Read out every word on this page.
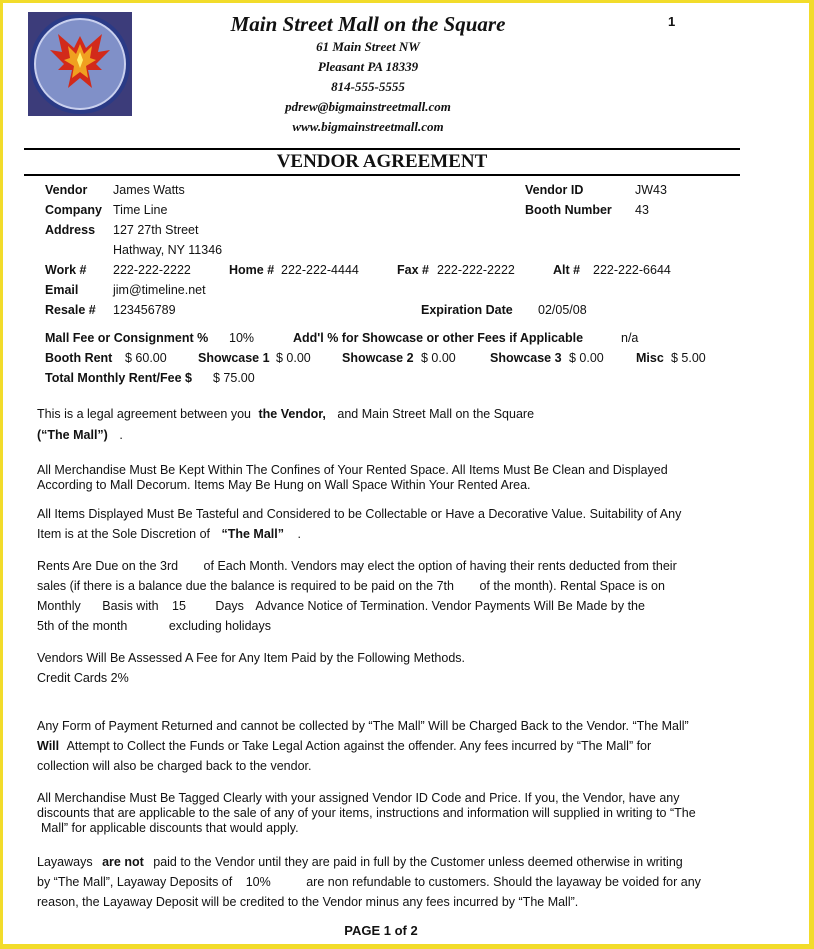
Main Street Mall on the Square	1
61 Main Street NW
Pleasant PA 18339
814-555-5555
pdrew@bigmainstreetmall.com
www.bigmainstreetmall.com
VENDOR AGREEMENT
Vendor James Watts	Vendor ID	JW43
Company Time Line	Booth Number 43
Address 127 27th Street
Hathway, NY 11346
Work # 222-222-2222	Home # 222-222-4444	Fax # 222-222-2222	Alt # 222-222-6644
Email	jim@timeline.net
Resale # 123456789	Expiration Date 02/05/08
Mall Fee or Consignment % 10%	Add'l % for Showcase or other Fees if Applicable	n/a
Booth Rent $ 60.00	Showcase 1 $ 0.00 Showcase 2 $ 0.00	Showcase 3 $ 0.00	Misc $ 5.00
Total Monthly Rent/Fee $ $ 75.00
This is a legal agreement between you the Vendor, and Main Street Mall on the Square
(“The Mall”) .
All Merchandise Must Be Kept Within The Confines of Your Rented Space. All Items Must Be Clean and Displayed
According to Mall Decorum. Items May Be Hung on Wall Space Within Your Rented Area.
All Items Displayed Must Be Tasteful and Considered to be Collectable or Have a Decorative Value. Suitability of Any
Item is at the Sole Discretion of “The Mall” .
Rents Are Due on the 3rd of Each Month. Vendors may elect the option of having their rents deducted from their
sales (if there is a balance due the balance is required to be paid on the 7th of the month). Rental Space is on
Monthly Basis with 15 Days Advance Notice of Termination. Vendor Payments Will Be Made by the
5th of the month	excluding holidays
Vendors Will Be Assessed A Fee for Any Item Paid by the Following Methods.
Credit Cards 2%
Any Form of Payment Returned and cannot be collected by “The Mall” Will be Charged Back to the Vendor. “The Mall”
Will Attempt to Collect the Funds or Take Legal Action against the offender. Any fees incurred by “The Mall” for
collection will also be charged back to the vendor.
All Merchandise Must Be Tagged Clearly with your assigned Vendor ID Code and Price. If you, the Vendor, have any
discounts that are applicable to the sale of any of your items, instructions and information will supplied in writing to “The
Mall” for applicable discounts that would apply.
Layaways are not paid to the Vendor until they are paid in full by the Customer unless deemed otherwise in writing
by “The Mall”, Layaway Deposits of 10%	are non refundable to customers. Should the layaway be voided for any
reason, the Layaway Deposit will be credited to the Vendor minus any fees incurred by “The Mall”.
PAGE 1 of 2
